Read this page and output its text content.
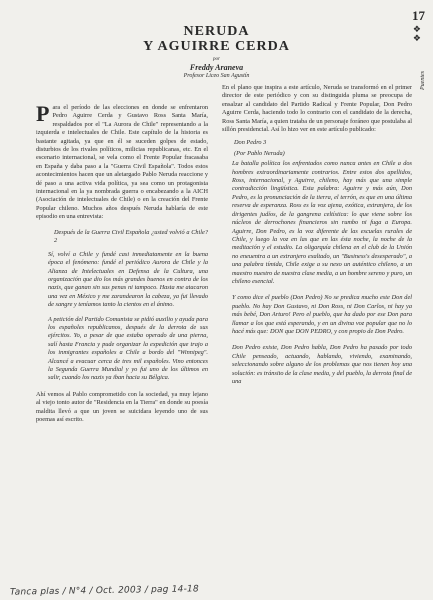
17
❖
❖
Puentes
NERUDA
Y AGUIRRE CERDA
por
Freddy Araneva
Profesor Liceo San Agustín

Para el período de las elecciones en donde se enfrentaron Pedro Aguirre Cerda y Gustavo Ross Santa María, respaldados por el "La Aurora de Chile" representando a la izquierda e intelectuales de Chile. Este capítulo de la historia es bastante agitada, ya que en él se suceden golpes de estado, disturbios de los rivales políticos, milicias republicanas, etc. En el escenario internacional, se vela como el Frente Popular fracasaba en España y daba paso a la "Guerra Civil Española". Todos estos acontecimientos hacen que un aletargado Pablo Neruda reaccione y dé paso a una activa vida política, ya sea como un protagonista internacional en la ya nombrada guerra o encabezando a la AICH (Asociación de intelectuales de Chile) o en la creación del Frente Popular chileno. Muchos años después Neruda hablaría de este episodio en una entrevista:

Después de la Guerra Civil Española ¿usted volvió a Chile? 2

Sí, volví a Chile y fundé casi inmediatamente en la buena época el fenómeno: fundé el periódico Aurora de Chile y la Alianza de Intelectuales en Defensa de la Cultura, una organización que dio los más grandes buenos en contra de los nazis, que ganan sin sus penas ni tampoco. Hasta me atacaron una vez en México y me zarandearon la cabeza, ya fui llevado de sangre y teníamos tanto la cientos en el ánimo.

A petición del Partido Comunista se pidió auxilio y ayuda para los españoles republicanos, después de la derrota de sus ejércitos. Yo, a pesar de que estaba operado de una pierna, salí hasta Francia y pude organizar la expedición que trajo a los inmigrantes españoles a Chile a bordo del "Winnipeg". Alcancé a evacuar cerca de tres mil españoles. Vino entonces la Segunda Guerra Mundial y yo fui uno de los últimos en salir, cuando los nazis ya iban hacia su Bélgica.

Ahí vemos al Pablo comprometido con la sociedad, ya muy lejano al viejo tonto autor de "Residencia en la Tierra" en donde su poesía maldita llevó a que un joven se suicidara leyendo uno de sus poemas así escrito.

En el plano que inspira a este artículo, Neruda se transformó en el primer director de este periódico y con su distinguida pluma se preocupa de ensalzar al candidato del Partido Radical y Frente Popular, Don Pedro Aguirre Cerda, haciendo todo lo contrario con el candidato de la derecha, Ross Santa María, a quien trataba de un personaje foráneo que postulaba al sillón presidencial. Así lo hizo ver en este artículo publicado:

Don Pedro 3

(Por Pablo Neruda)

La batalla política los enfrentados como nunca antes en Chile a dos hombres extraordinariamente contrarios. Entre estos dos apellidos, Ross, internacional, y Aguirre, chileno, hay más que una simple contradicción lingüística. Esta palabra: Aguirre y más aún, Don Pedro, es la pronunciación de la tierra, el terrón, es que en una última reserva de esperanza. Ross es la voz ajena, exótica, extranjera, de los dirigentes judíos, de la gangrena celtística: lo que viene sobre los núcleos de derrochones financieros sin rumbo ni fuga a Europa. Aguirre, Don Pedro, es la voz diferente de las escuelas rurales de Chile, y luego la voz en las que en las ésta noche, la noche de la meditación y el estudio. La oligarquía chilena en el club de la Unión no eneuentra a un extranjero exaltado, un "Business's desesperado", a una palabra tímida, Chile exige a su nexo un auténtico chileno, a un maestro nuestro de nuestra clase media, a un hombre sereno y puro, un chileno esencial.

Y como dice el pueblo (Don Pedro) No se predica mucho este Don del pueblo. No hay Don Gustavo, ni Don Ross, ni Don Carlos, ni hay ya más bebé, Don Arturo! Pero el pueblo, que ha dado por ese Don para llamar a los que está esperando, y en un divina voz popular que no lo hacé más que: DON que DON PEDRO, y con propio de Don Pedro.

Don Pedro existe, Don Pedro habla, Don Pedro ha pasado por todo Chile penseado, actuando, hablando, viviendo, examinando, seleccionando sobre alguno de los problemas que nos tienen hoy una solución: es tránsito de la clase media, y del pueblo, la derrota final de una

Tanca plas / N°4 / Oct. 2003 / pag 14-18
